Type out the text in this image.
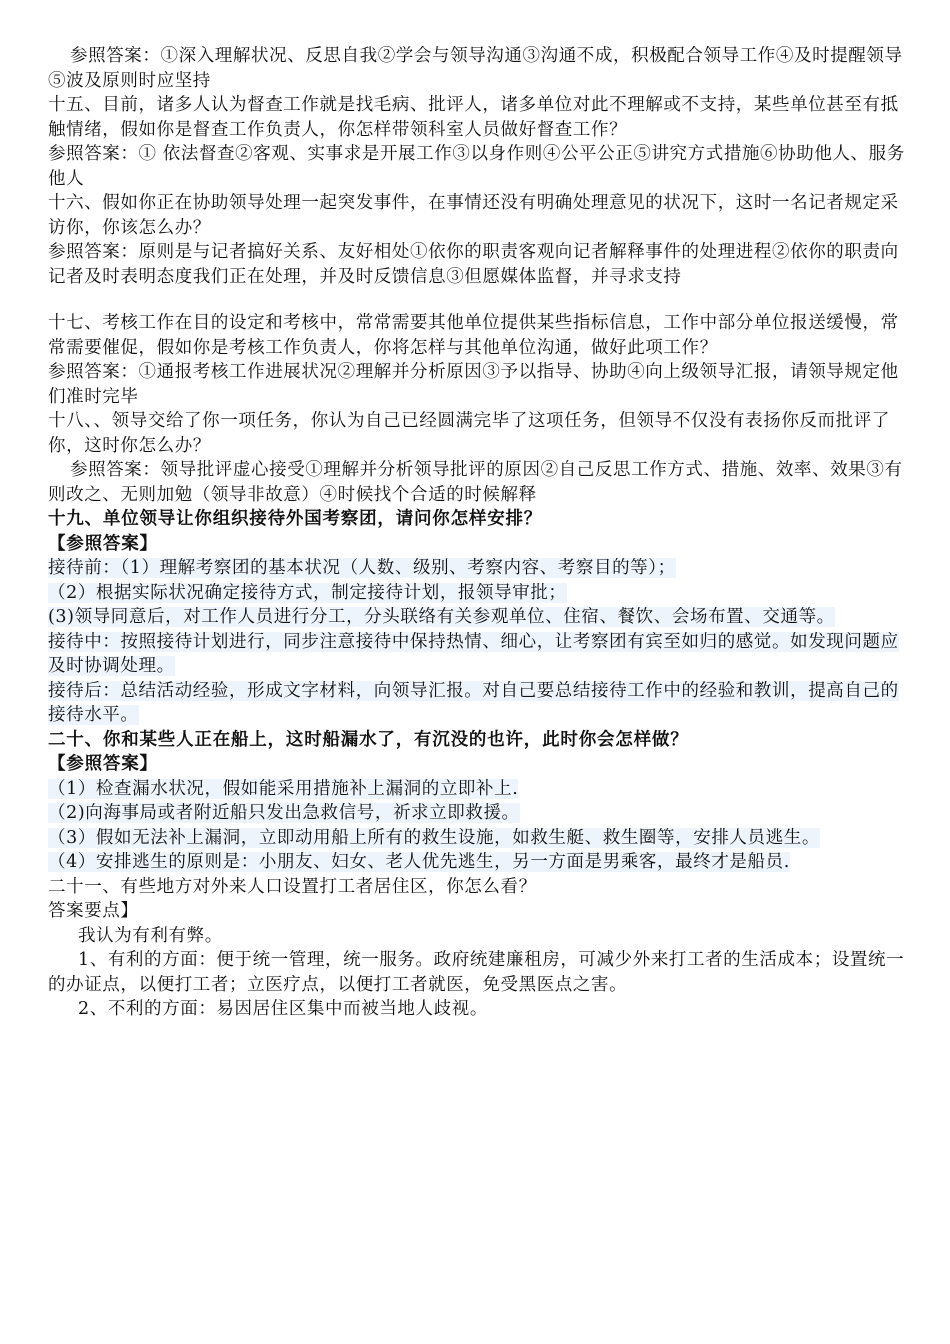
参照答案：①深入理解状况、反思自我②学会与领导沟通③沟通不成，积极配合领导工作④及时提醒领导⑤波及原则时应坚持

十五、目前，诸多人认为督查工作就是找毛病、批评人，诸多单位对此不理解或不支持，某些单位甚至有抵触情绪，假如你是督查工作负责人，你怎样带领科室人员做好督查工作？

参照答案：① 依法督查②客观、实事求是开展工作③以身作则④公平公正⑤讲究方式措施⑥协助他人、服务他人

十六、假如你正在协助领导处理一起突发事件，在事情还没有明确处理意见的状况下，这时一名记者规定采访你，你该怎么办？

参照答案：原则是与记者搞好关系、友好相处①依你的职责客观向记者解释事件的处理进程②依你的职责向记者及时表明态度我们正在处理，并及时反馈信息③但愿媒体监督，并寻求支持

十七、考核工作在目的设定和考核中，常常需要其他单位提供某些指标信息，工作中部分单位报送缓慢，常常需要催促，假如你是考核工作负责人，你将怎样与其他单位沟通，做好此项工作？

参照答案：①通报考核工作进展状况②理解并分析原因③予以指导、协助④向上级领导汇报，请领导规定他们准时完毕

十八、、领导交给了你一项任务，你认为自己已经圆满完毕了这项任务，但领导不仅没有表扬你反而批评了你，这时你怎么办？

参照答案：领导批评虚心接受①理解并分析领导批评的原因②自己反思工作方式、措施、效率、效果③有则改之、无则加勉（领导非故意）④时候找个合适的时候解释

十九、单位领导让你组织接待外国考察团，请问你怎样安排？

【参照答案】

接待前：（1）理解考察团的基本状况（人数、级别、考察内容、考察目的等）；

（2）根据实际状况确定接待方式，制定接待计划，报领导审批；

(3)领导同意后，对工作人员进行分工，分头联络有关参观单位、住宿、餐饮、会场布置、交通等。

接待中：按照接待计划进行，同步注意接待中保持热情、细心，让考察团有宾至如归的感觉。如发现问题应及时协调处理。

接待后：总结活动经验，形成文字材料，向领导汇报。对自己要总结接待工作中的经验和教训，提高自己的接待水平。

二十、你和某些人正在船上，这时船漏水了，有沉没的也许，此时你会怎样做？

【参照答案】

（1）检查漏水状况，假如能采用措施补上漏洞的立即补上.

（2)向海事局或者附近船只发出急救信号，祈求立即救援。

（3）假如无法补上漏洞，立即动用船上所有的救生设施，如救生艇、救生圈等，安排人员逃生。

（4）安排逃生的原则是：小朋友、妇女、老人优先逃生，另一方面是男乘客，最终才是船员.

二十一、有些地方对外来人口设置打工者居住区，你怎么看？

答案要点】

我认为有利有弊。

1、有利的方面：便于统一管理，统一服务。政府统建廉租房，可减少外来打工者的生活成本；设置统一的办证点，以便打工者；立医疗点，以便打工者就医，免受黑医点之害。

2、不利的方面：易因居住区集中而被当地人歧视。
